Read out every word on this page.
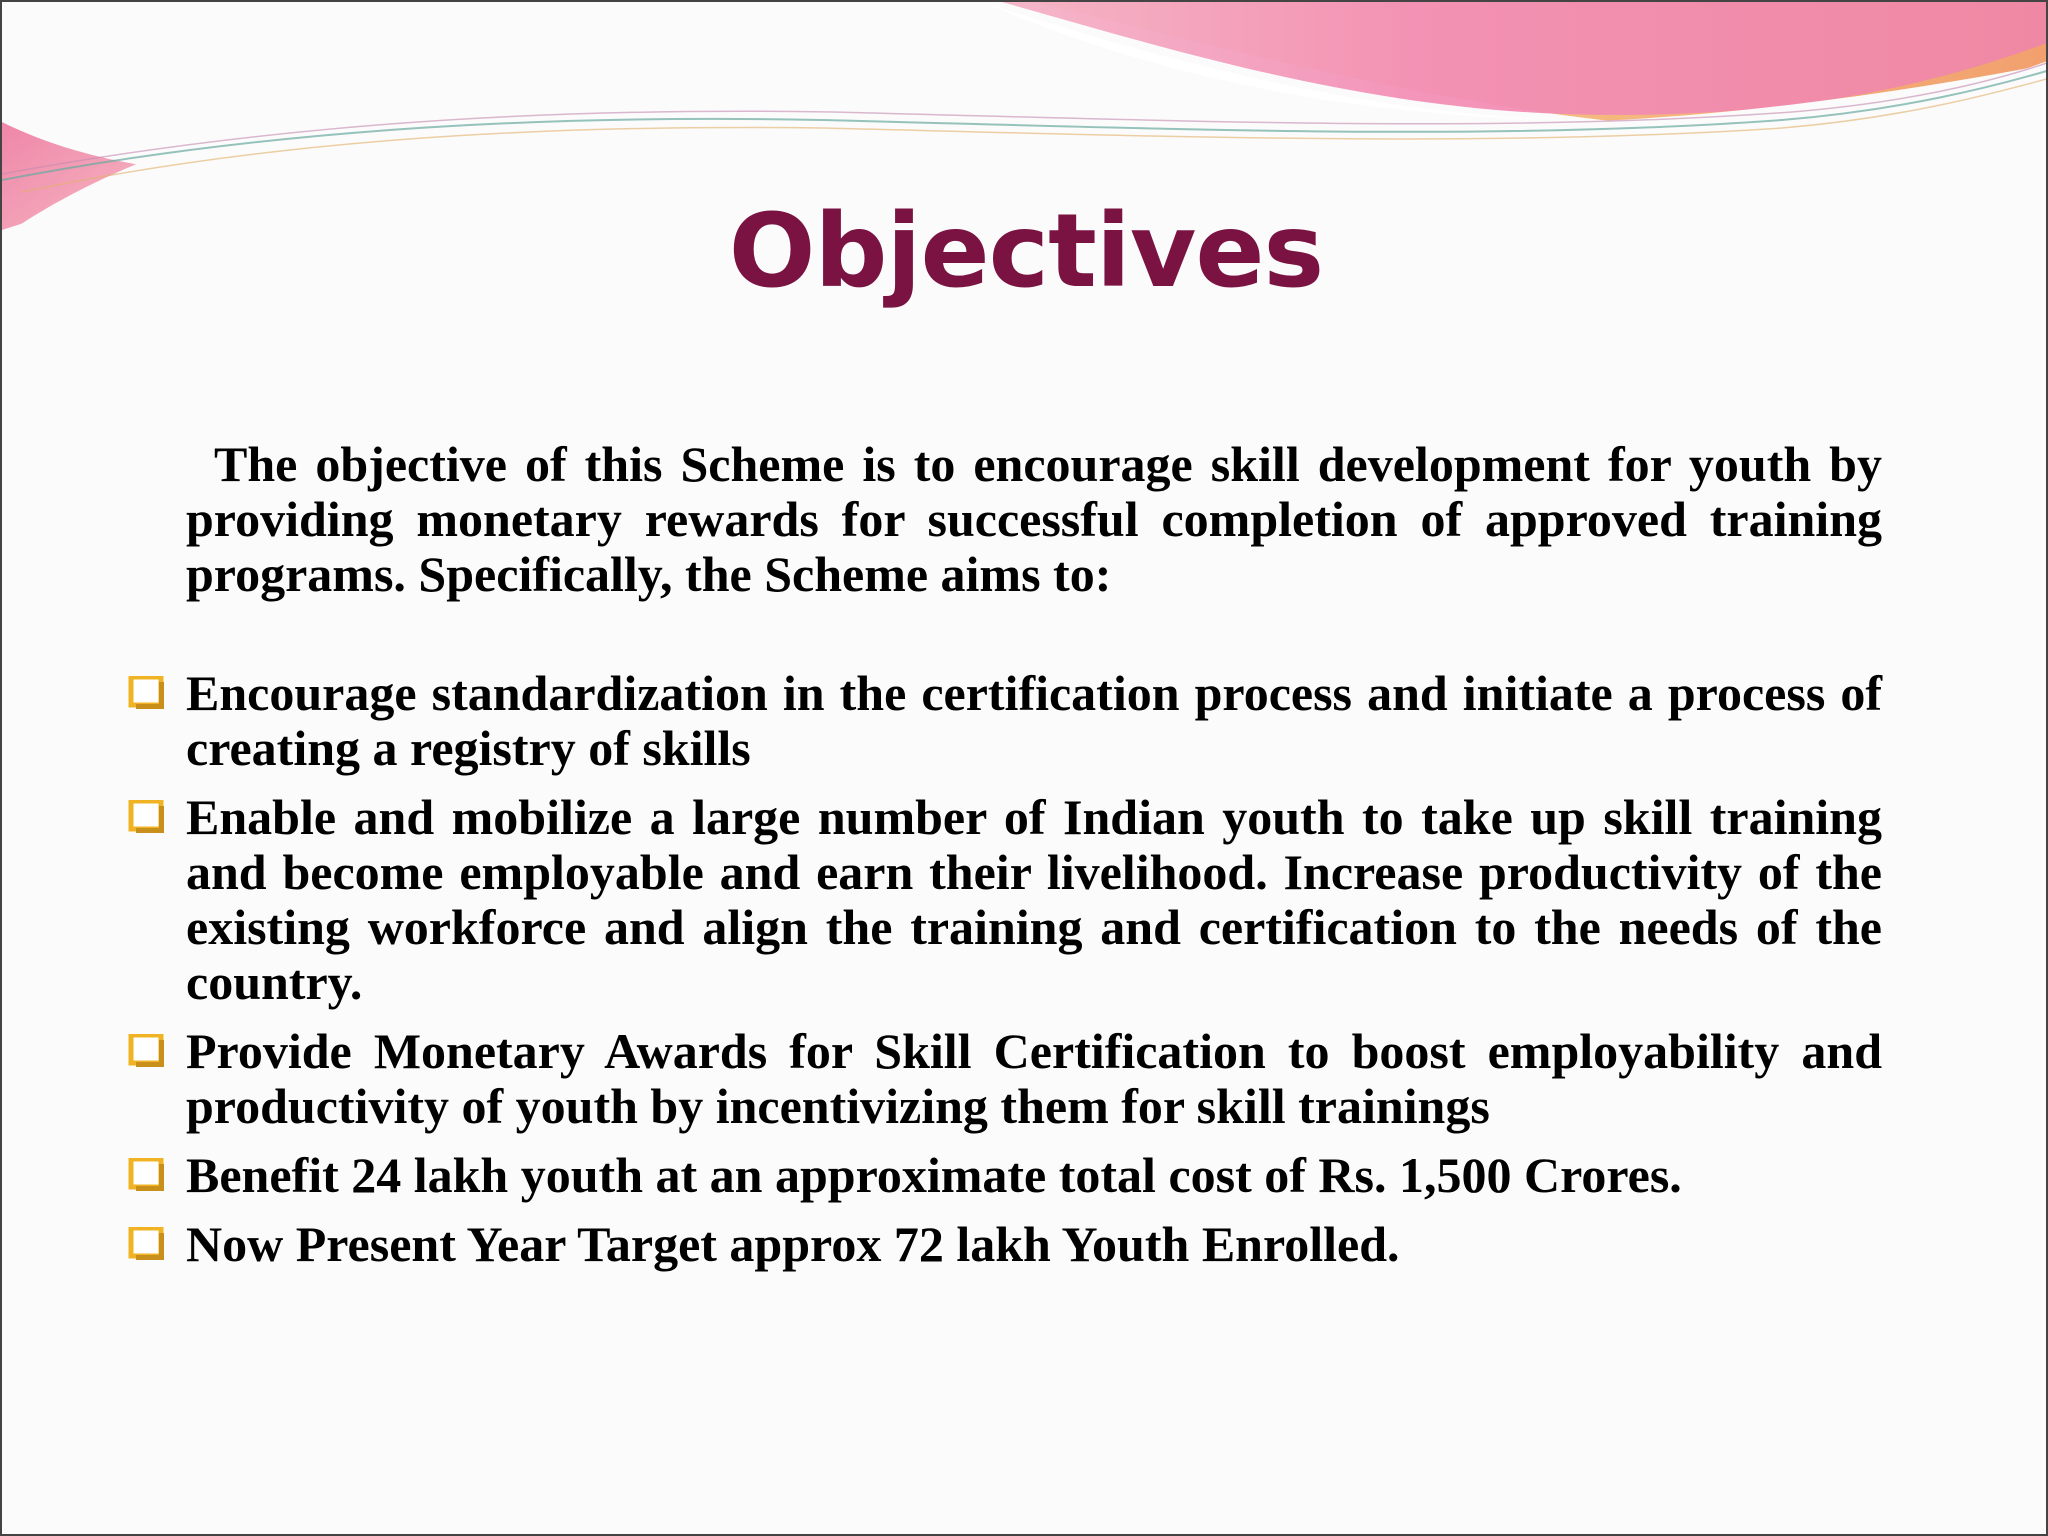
Objectives
The objective of this Scheme is to encourage skill development for youth by providing monetary rewards for successful completion of approved training programs. Specifically, the Scheme aims to:
Encourage standardization in the certification process and initiate a process of creating a registry of skills
Enable and mobilize a large number of Indian youth to take up skill training and become employable and earn their livelihood. Increase productivity of the existing workforce and align the training and certification to the needs of the country.
Provide Monetary Awards for Skill Certification to boost employability and productivity of youth by incentivizing them for skill trainings
Benefit 24 lakh youth at an approximate total cost of Rs. 1,500 Crores.
Now Present Year Target approx 72 lakh Youth Enrolled.
